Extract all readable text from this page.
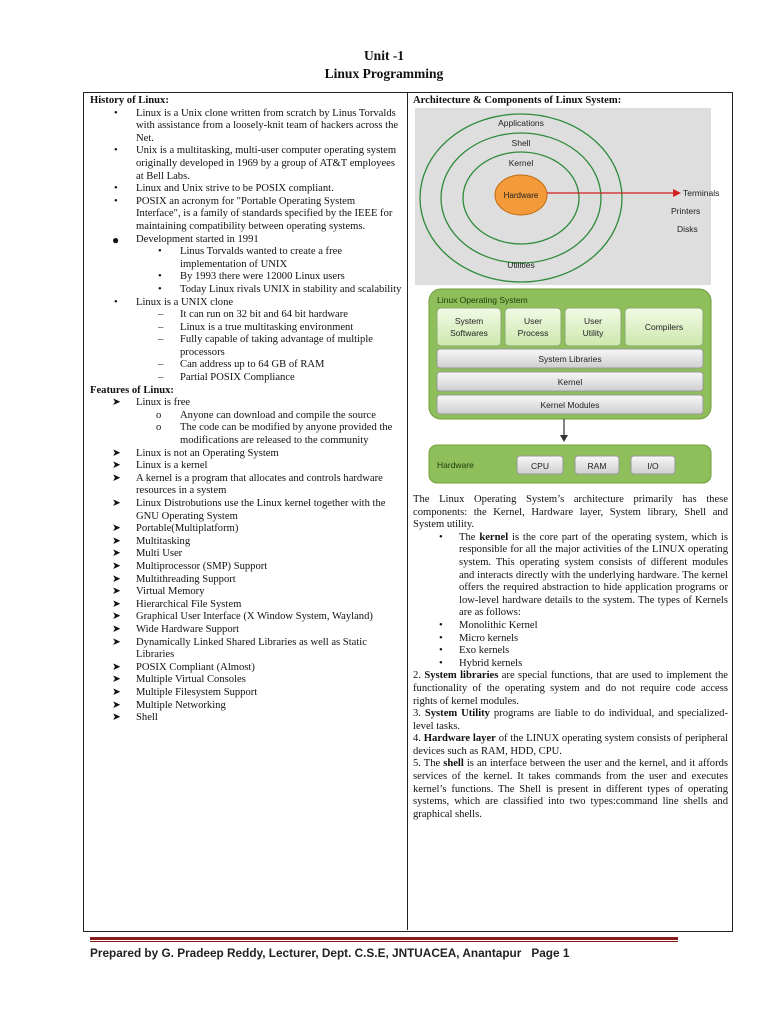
Unit -1
Linux Programming
History of Linux:
• Linux is a Unix clone written from scratch by Linus Torvalds with assistance from a loosely-knit team of hackers across the Net.
• Unix is a multitasking, multi-user computer operating system originally developed in 1969 by a group of AT&T employees at Bell Labs.
• Linux and Unix strive to be POSIX compliant.
• POSIX an acronym for "Portable Operating System Interface", is a family of standards specified by the IEEE for maintaining compatibility between operating systems.
● Development started in 1991
• Linus Torvalds wanted to create a free implementation of UNIX
• By 1993 there were 12000 Linux users
• Today Linux rivals UNIX in stability and scalability
• Linux is a UNIX clone
– It can run on 32 bit and 64 bit hardware
– Linux is a true multitasking environment
– Fully capable of taking advantage of multiple processors
– Can address up to 64 GB of RAM
– Partial POSIX Compliance
Features of Linux:
➤ Linux is free
o Anyone can download and compile the source
o The code can be modified by anyone provided the modifications are released to the community
➤ Linux is not an Operating System
➤ Linux is a kernel
➤ A kernel is a program that allocates and controls hardware resources in a system
➤ Linux Distrobutions use the Linux kernel together with the GNU Operating System
➤ Portable(Multiplatform)
➤ Multitasking
➤ Multi User
➤ Multiprocessor (SMP) Support
➤ Multithreading Support
➤ Virtual Memory
➤ Hierarchical File System
➤ Graphical User Interface (X Window System, Wayland)
➤ Wide Hardware Support
➤ Dynamically Linked Shared Libraries as well as Static Libraries
➤ POSIX Compliant (Almost)
➤ Multiple Virtual Consoles
➤ Multiple Filesystem Support
➤ Multiple Networking
➤ Shell
Architecture & Components of Linux System:
Applications
Shell
Kernel
Hardware	Terminals
Printers
Disks
Utilities
Linux Operating System
System
Softwares
User
Process
User
Utility
Compilers
System Libraries
Kernel
Kernel Modules
Hardware	CPU	RAM	I/O
The Linux Operating System’s architecture primarily has these components: the Kernel, Hardware layer, System library, Shell and System utility.
• The kernel is the core part of the operating system, which is responsible for all the major activities of the LINUX operating system. This operating system consists of different modules and interacts directly with the underlying hardware. The kernel offers the required abstraction to hide application programs or low-level hardware details to the system. The types of Kernels are as follows:
• Monolithic Kernel
• Micro kernels
• Exo kernels
• Hybrid kernels
2. System libraries are special functions, that are used to implement the functionality of the operating system and do not require code access rights of kernel modules.
3. System Utility programs are liable to do individual, and specialized-level tasks.
4. Hardware layer of the LINUX operating system consists of peripheral devices such as RAM, HDD, CPU.
5. The shell is an interface between the user and the kernel, and it affords services of the kernel. It takes commands from the user and executes kernel’s functions. The Shell is present in different types of operating systems, which are classified into two types:command line shells and graphical shells.
Prepared by G. Pradeep Reddy, Lecturer, Dept. C.S.E, JNTUACEA, Anantapur Page 1
